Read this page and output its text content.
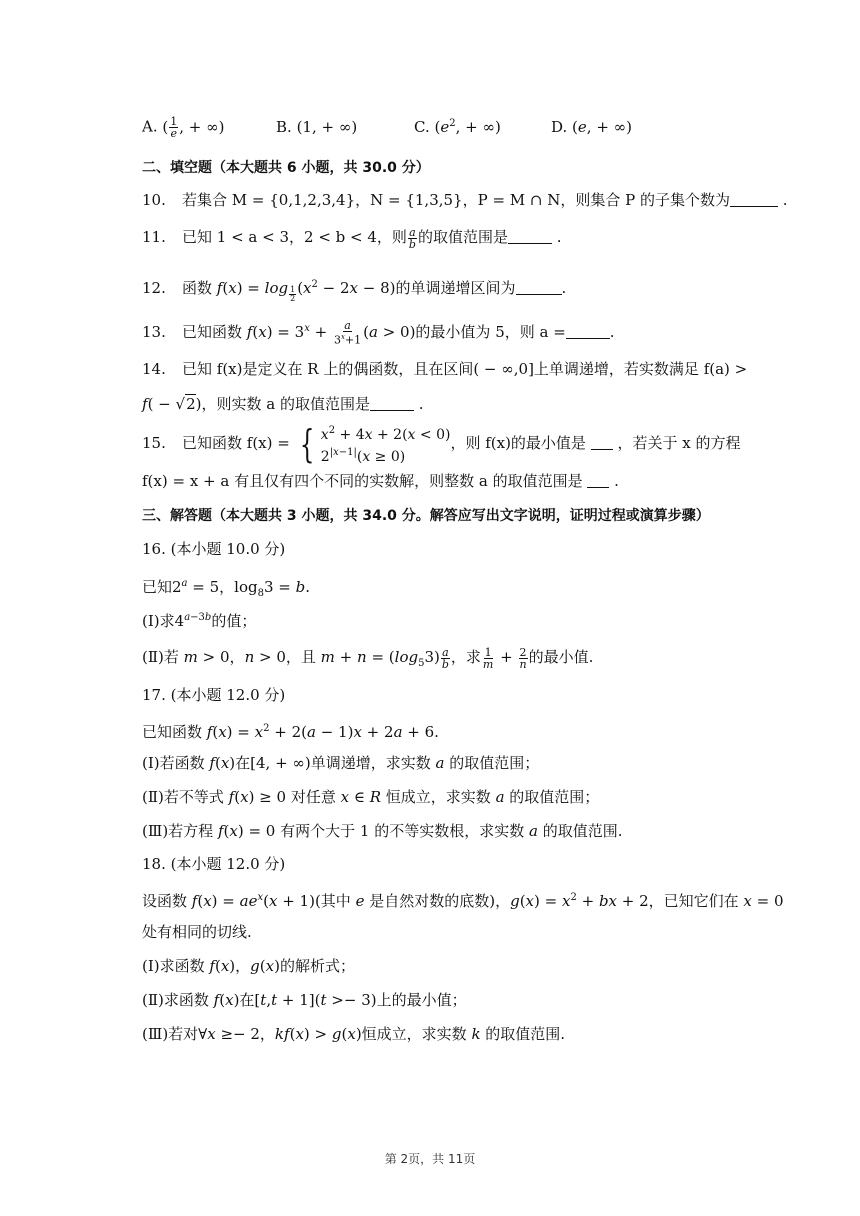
A. ( $\frac{1}{e}$ , + ∞)	B. (1, + ∞)	C. ($e^2$, + ∞)	D. (e, + ∞)
二、填空题（本大题共 6 小题，共 30.0 分）
10. 若集合 M = {0,1,2,3,4}，N = {1,3,5}，P = M ∩ N，则集合 P 的子集个数为	.
11. 已知 1 < a < 3，2 < b < 4，则 $\frac{a}{b}$ 的取值范围是	.
12. 函数 f(x) = log $_{\frac{1}{2}}$ $(x^2 - 2x - 8)$的单调递增区间为	.
13. 已知函数 $f(x) = 3^x + \frac{a}{3^x+1} (a > 0)$的最小值为 5，则 a =	.
14. 已知 f(x)是定义在 R 上的偶函数，且在区间( − ∞,0]上单调递增，若实数满足 f(a) >
f( − √2)，则实数 a 的取值范围是	.
15. 已知函数 f(x) = { $x^2 + 4x + 2(x < 0)$
$2^{|x-1|}(x \ge 0)$
，则 f(x)的最小值是 ，若关于 x 的方程
f(x) = x + a 有且仅有四个不同的实数解，则整数 a 的取值范围是  .
三、解答题（本大题共 3 小题，共 34.0 分。解答应写出文字说明，证明过程或演算步骤）
16. (本小题 10.0 分)
已知$2^a = 5$，$\log_83 = b$.
(Ⅰ)求$4^{a-3b}$的值；
(Ⅱ)若 m > 0，n > 0，且 $m + n = (\log_53) \frac{a}{b}$ ，求 $\frac{1}{m} + \frac{2}{n}$ 的最小值.
17. (本小题 12.0 分)
已知函数 $f(x) = x^2 + 2(a - 1)x + 2a + 6$.
(Ⅰ)若函数 f(x)在[4, + ∞)单调递增，求实数 a 的取值范围；
(Ⅱ)若不等式 f(x) ≥ 0 对任意 x ∈ R 恒成立，求实数 a 的取值范围；
(Ⅲ)若方程 f(x) = 0 有两个大于 1 的不等实数根，求实数 a 的取值范围.
18. (本小题 12.0 分)
设函数 $f(x) = ae^x(x + 1)$(其中 e 是自然对数的底数)，$g(x) = x^2$ + bx + 2，已知它们在 x = 0
处有相同的切线.
(Ⅰ)求函数 f(x)，g(x)的解析式；
(Ⅱ)求函数 f(x)在[t,t + 1](t >− 3)上的最小值；
(Ⅲ)若对∀x ≥− 2，kf(x) > g(x)恒成立，求实数 k 的取值范围.
第 2页，共 11页
